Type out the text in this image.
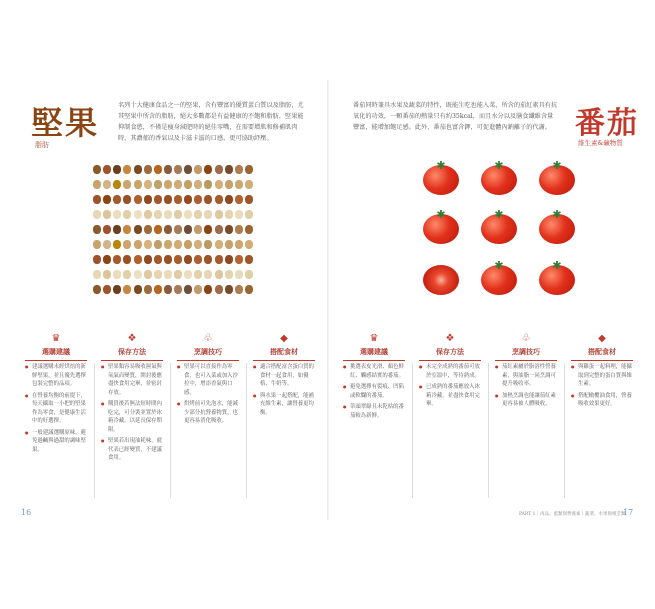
堅果
脂肪
名列十大健康食品之一的堅果，含有豐富的優質蛋白質以及脂肪，尤其堅果中所含的脂肪，絕大多數都是有益健康的不飽和脂肪，堅果能抑制食慾，不僅是瘦身減肥時的絕佳零嘴，在需要增肌和修補肌肉時，其濃郁的香氣以及卡滋卡滋的口感，更可協助紓壓。
♛
選購建議
❖
保存方法
♧
烹調技巧
◆
搭配食材

● 建議選購未經烘焙的新鮮堅果，並且優先選擇包裝完整的品項。

● 在營養均衡的前提下，每天攝取一小把的堅果作為零食，是健康生活中的好選擇。

● 一般建議選購原味，避免過鹹與過甜的調味堅果。

● 堅果類容易吸收濕氣與氧氣而變質，開封後應盡快食用完畢，並密封存放。

● 購買後若無法短時間內吃完，可分裝並置於冰箱冷藏，以延長保存期限。

● 堅果若出現油耗味，就代表已經變質，不建議食用。

● 堅果可以直接作為零食，也可入菜或加入沙拉中，增添香氣與口感。

● 烘烤前可先泡水，能減少部分抗營養物質，也更容易消化吸收。

● 適合搭配富含蛋白質的食材一起食用，如優格、牛奶等。

● 與水果一起搭配，能補充維生素，讓營養更均衡。

16
番茄同時兼具水果及蔬菜的特性，既能生吃也能入菜，所含的茄紅素具有抗氧化的功效，一顆番茄的熱量只有約35kcal，而且水分以及膳食纖維含量豐富，能增加飽足感。此外，番茄也富含鉀，可促進體內鈉離子的代謝。 番茄
維生素&礦物質
✱	✱	✱
✱	✱	✱
✱	✱
♛
選購建議
❖
保存方法
♧
烹調技巧
◆
搭配食材

● 挑選表皮光滑、顏色鮮紅、觸感結實的番茄。

● 避免選擇有裂痕、凹陷或軟爛的番茄。

● 蒂頭翠綠且未乾枯的番茄較為新鮮。

● 未完全成熟的番茄可放於室溫中，等待熟成。

● 已成熟的番茄應放入冰箱冷藏，並盡快食用完畢。

● 茄紅素屬於脂溶性營養素，與油脂一同烹調可提升吸收率。

● 加熱烹調也能讓茄紅素更容易被人體吸收。

● 與雞蛋一起料理，能攝取到完整的蛋白質與維生素。

● 搭配橄欖油食用，營養吸收效果更好。

PART 1｜肉品、蛋類與營養素｜蔬菜、水果與根莖類
17
